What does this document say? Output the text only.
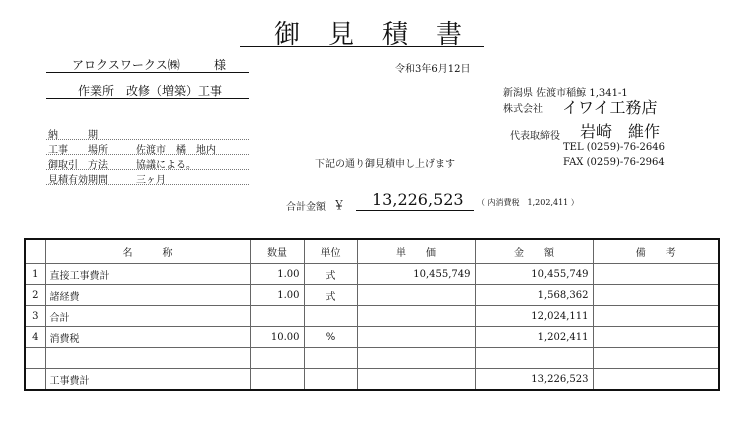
御見積書
アロクスワークス㈱	様	令和3年6月12日
作業所　改修（増築）工事	新潟県 佐渡市稲鯨 1,341-1
株式会社 イワイ工務店
代表取締役 岩崎　維作
TEL (0259)-76-2646
FAX (0259)-76-2964
納　　　期
工事　　場所	佐渡市　橘　地内
御取引　方法	協議による。
見積有効期間	三ヶ月
下記の通り御見積申し上げます
合計金額 ￥ 13,226,523 （ 内消費税　1,202,411 ）
	名　　　称	数量	単位	単　　価	金　　額	備　　考
1	直接工事費計	1.00	式	10,455,749	10,455,749	
2	諸経費	1.00	式		1,568,362	
3	合計				12,024,111	
4	消費税	10.00	%		1,202,411	

	工事費計				13,226,523	
